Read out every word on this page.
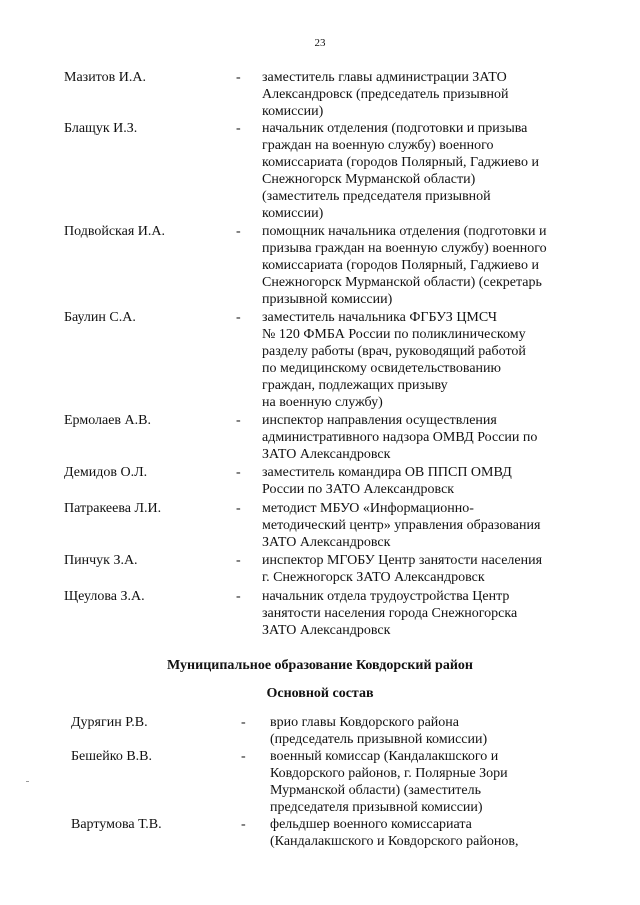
23
Мазитов И.А.	- заместитель главы администрации ЗАТО
Александровск (председатель призывной
комиссии)
Блащук И.З.	- начальник отделения (подготовки и призыва
граждан на военную службу) военного
комиссариата (городов Полярный, Гаджиево и
Снежногорск Мурманской области)
(заместитель председателя призывной
комиссии)
Подвойская И.А.	- помощник начальника отделения (подготовки и
призыва граждан на военную службу) военного
комиссариата (городов Полярный, Гаджиево и
Снежногорск Мурманской области) (секретарь
призывной комиссии)
Баулин С.А.	- заместитель начальника ФГБУЗ ЦМСЧ
№ 120 ФМБА России по поликлиническому
разделу работы (врач, руководящий работой
по медицинскому освидетельствованию
граждан, подлежащих призыву
на военную службу)
Ермолаев А.В.	- инспектор направления осуществления
административного надзора ОМВД России по
ЗАТО Александровск
Демидов О.Л.	- заместитель командира ОВ ППСП ОМВД
России по ЗАТО Александровск
Патракеева Л.И.	- методист МБУО «Информационно-
методический центр» управления образования
ЗАТО Александровск
Пинчук З.А.	- инспектор МГОБУ Центр занятости населения
г. Снежногорск ЗАТО Александровск
Щеулова З.А.	- начальник отдела трудоустройства Центр
занятости населения города Снежногорска
ЗАТО Александровск
Муниципальное образование Ковдорский район
Основной состав
Дурягин Р.В.	- врио главы Ковдорского района
(председатель призывной комиссии)
Бешейко В.В.	- военный комиссар (Кандалакшского и
Ковдорского районов, г. Полярные Зори
Мурманской области) (заместитель
председателя призывной комиссии)
Вартумова Т.В.	- фельдшер военного комиссариата
(Кандалакшского и Ковдорского районов,
